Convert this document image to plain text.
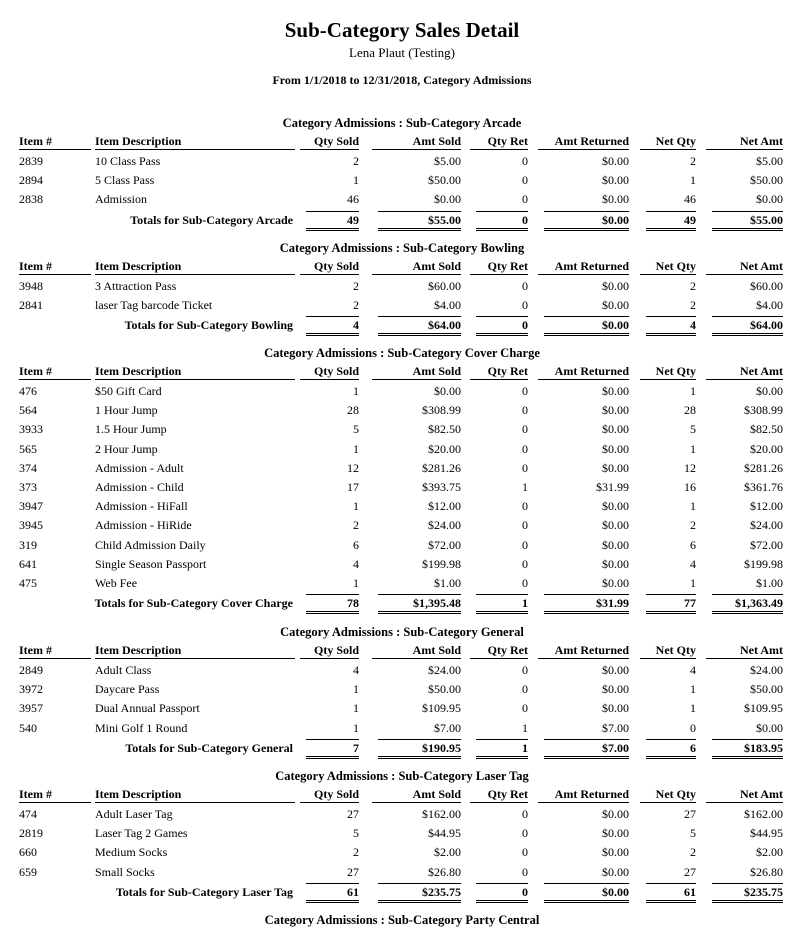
Sub-Category Sales Detail
Lena Plaut (Testing)
From 1/1/2018 to 12/31/2018, Category Admissions
Category Admissions : Sub-Category Arcade
Item #	Item Description	Qty Sold	Amt Sold	Qty Ret	Amt Returned	Net Qty	Net Amt
2839	10 Class Pass	2	$5.00	0	$0.00	2	$5.00
2894	5 Class Pass	1	$50.00	0	$0.00	1	$50.00
2838	Admission	46	$0.00	0	$0.00	46	$0.00
Totals for Sub-Category Arcade	49	$55.00	0	$0.00	49	$55.00
Category Admissions : Sub-Category Bowling
Item #	Item Description	Qty Sold	Amt Sold	Qty Ret	Amt Returned	Net Qty	Net Amt
3948	3 Attraction Pass	2	$60.00	0	$0.00	2	$60.00
2841	laser Tag barcode Ticket	2	$4.00	0	$0.00	2	$4.00
Totals for Sub-Category Bowling	4	$64.00	0	$0.00	4	$64.00
Category Admissions : Sub-Category Cover Charge
Item #	Item Description	Qty Sold	Amt Sold	Qty Ret	Amt Returned	Net Qty	Net Amt
476	$50 Gift Card	1	$0.00	0	$0.00	1	$0.00
564	1 Hour Jump	28	$308.99	0	$0.00	28	$308.99
3933	1.5 Hour Jump	5	$82.50	0	$0.00	5	$82.50
565	2 Hour Jump	1	$20.00	0	$0.00	1	$20.00
374	Admission - Adult	12	$281.26	0	$0.00	12	$281.26
373	Admission - Child	17	$393.75	1	$31.99	16	$361.76
3947	Admission - HiFall	1	$12.00	0	$0.00	1	$12.00
3945	Admission - HiRide	2	$24.00	0	$0.00	2	$24.00
319	Child Admission Daily	6	$72.00	0	$0.00	6	$72.00
641	Single Season Passport	4	$199.98	0	$0.00	4	$199.98
475	Web Fee	1	$1.00	0	$0.00	1	$1.00
Totals for Sub-Category Cover Charge	78	$1,395.48	1	$31.99	77	$1,363.49
Category Admissions : Sub-Category General
Item #	Item Description	Qty Sold	Amt Sold	Qty Ret	Amt Returned	Net Qty	Net Amt
2849	Adult Class	4	$24.00	0	$0.00	4	$24.00
3972	Daycare Pass	1	$50.00	0	$0.00	1	$50.00
3957	Dual Annual Passport	1	$109.95	0	$0.00	1	$109.95
540	Mini Golf 1 Round	1	$7.00	1	$7.00	0	$0.00
Totals for Sub-Category General	7	$190.95	1	$7.00	6	$183.95
Category Admissions : Sub-Category Laser Tag
Item #	Item Description	Qty Sold	Amt Sold	Qty Ret	Amt Returned	Net Qty	Net Amt
474	Adult Laser Tag	27	$162.00	0	$0.00	27	$162.00
2819	Laser Tag 2 Games	5	$44.95	0	$0.00	5	$44.95
660	Medium Socks	2	$2.00	0	$0.00	2	$2.00
659	Small Socks	27	$26.80	0	$0.00	27	$26.80
Totals for Sub-Category Laser Tag	61	$235.75	0	$0.00	61	$235.75
Category Admissions : Sub-Category Party Central
